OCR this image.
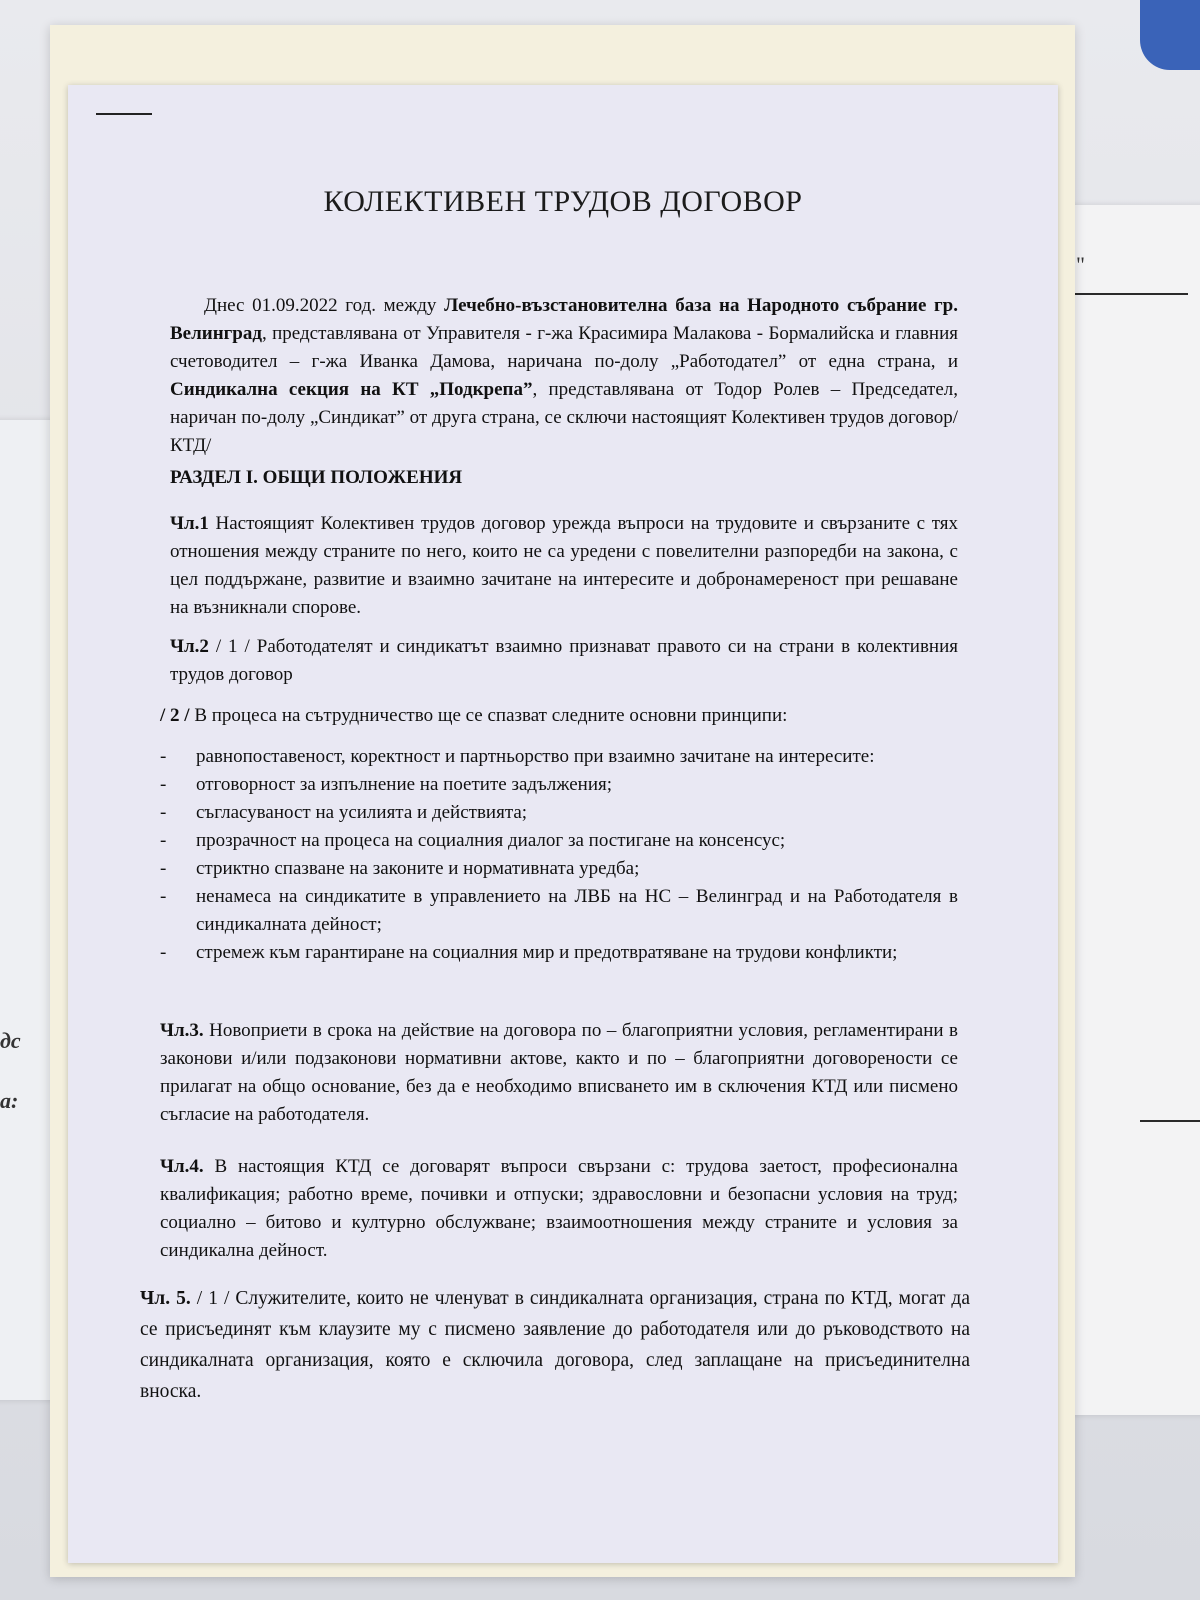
"
дс
а:
КОЛЕКТИВЕН ТРУДОВ ДОГОВОР
Днес 01.09.2022 год. между Лечебно-възстановителна база на Народното събрание гр. Велинград, представлявана от Управителя - г-жа Красимира Малакова - Бормалийска и главния счетоводител – г-жа Иванка Дамова, наричана по-долу „Работодател” от една страна, и Синдикална секция на КТ „Подкрепа”, представлявана от Тодор Ролев – Председател, наричан по-долу „Синдикат” от друга страна, се сключи настоящият Колективен трудов договор/КТД/
РАЗДЕЛ I. ОБЩИ ПОЛОЖЕНИЯ
Чл.1 Настоящият Колективен трудов договор урежда въпроси на трудовите и свързаните с тях отношения между страните по него, които не са уредени с повелителни разпоредби на закона, с цел поддържане, развитие и взаимно зачитане на интересите и добронамереност при решаване на възникнали спорове.
Чл.2 / 1 / Работодателят и синдикатът взаимно признават правото си на страни в колективния трудов договор
/ 2 / В процеса на сътрудничество ще се спазват следните основни принципи:
- равнопоставеност, коректност и партньорство при взаимно зачитане на интересите:
- отговорност за изпълнение на поетите задължения;
- съгласуваност на усилията и действията;
- прозрачност на процеса на социалния диалог за постигане на консенсус;
- стриктно спазване на законите и нормативната уредба;
- ненамеса на синдикатите в управлението на ЛВБ на НС – Велинград и на Работодателя в синдикалната дейност;
- стремеж към гарантиране на социалния мир и предотвратяване на трудови конфликти;
Чл.3. Новоприети в срока на действие на договора по – благоприятни условия, регламентирани в законови и/или подзаконови нормативни актове, както и по – благоприятни договорености се прилагат на общо основание, без да е необходимо вписването им в сключения КТД или писмено съгласие на работодателя.
Чл.4. В настоящия КТД се договарят въпроси свързани с: трудова заетост, професионална квалификация; работно време, почивки и отпуски; здравословни и безопасни условия на труд; социално – битово и културно обслужване; взаимоотношения между страните и условия за синдикална дейност.
Чл. 5. / 1 / Служителите, които не членуват в синдикалната организация, страна по КТД, могат да се присъединят към клаузите му с писмено заявление до работодателя или до ръководството на синдикалната организация, която е сключила договора, след заплащане на присъединителна вноска.
